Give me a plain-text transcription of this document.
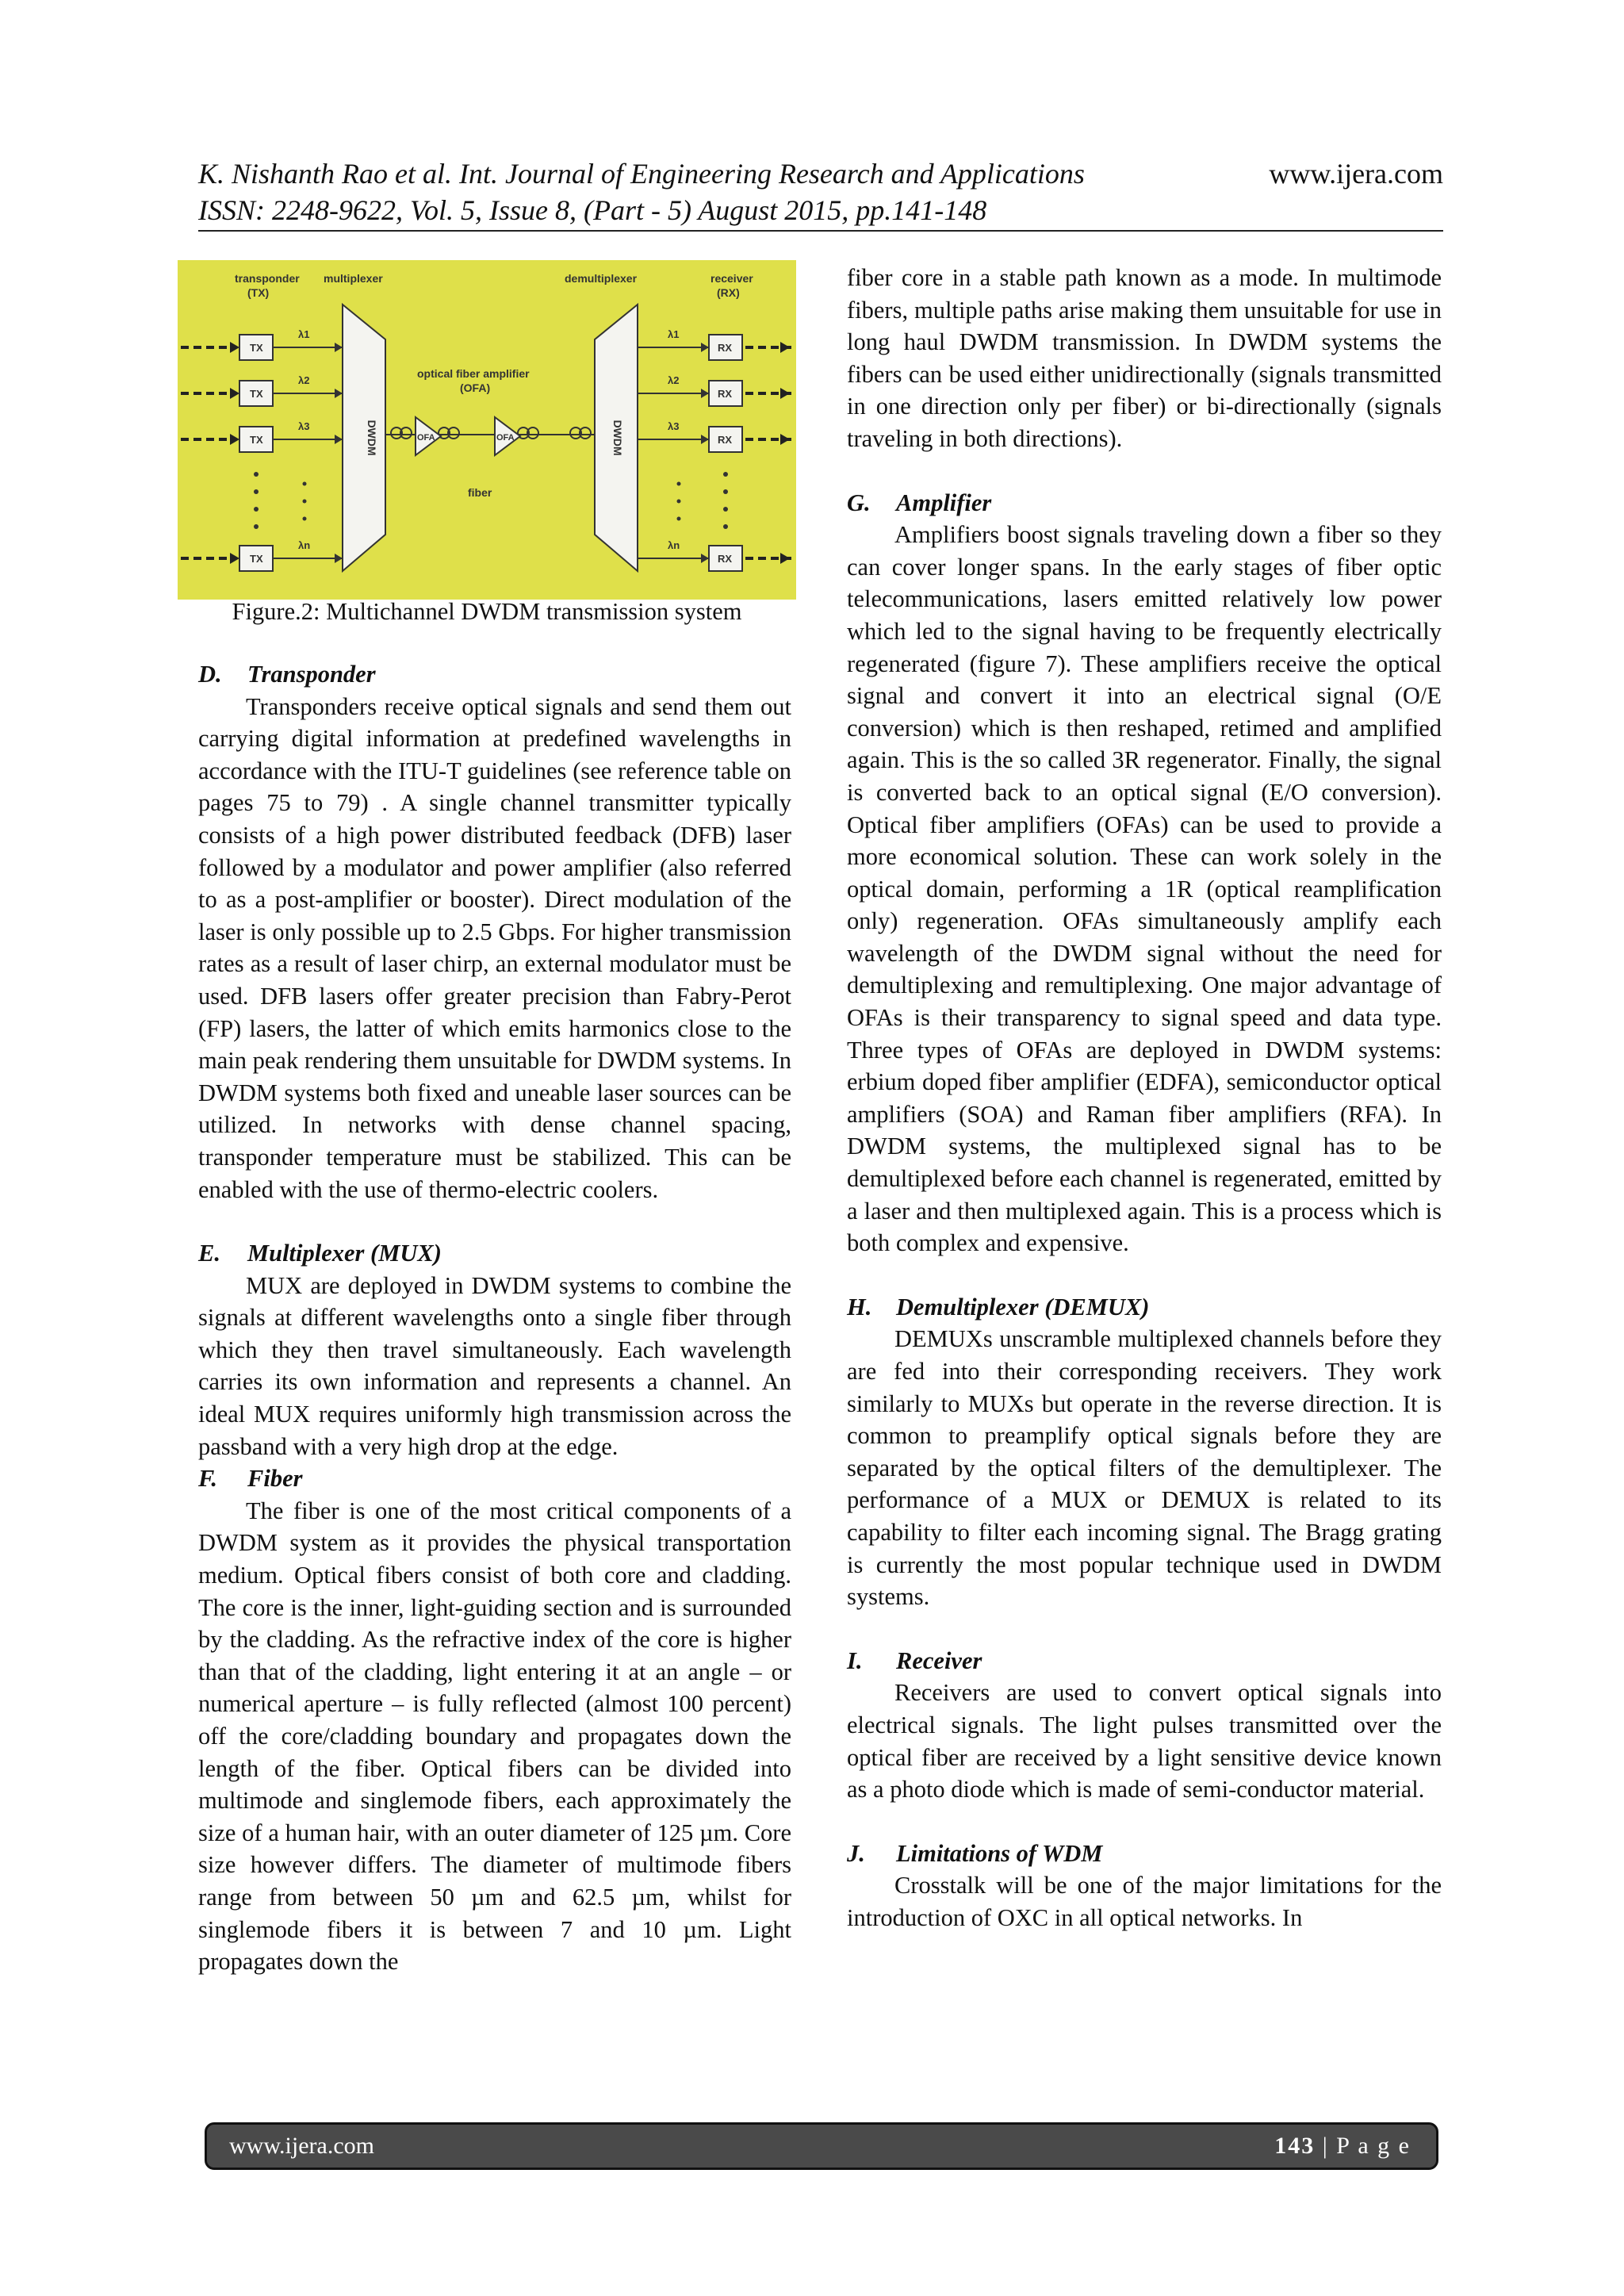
K. Nishanth Rao et al. Int. Journal of Engineering Research and Applications	www.ijera.com
ISSN: 2248-9622, Vol. 5, Issue 8, (Part - 5) August 2015, pp.141-148
transponder
(TX)
multiplexer	demultiplexer	receiver
(RX)
optical fiber amplifier
(OFA)
fiber
TX
TX
TX
TX
λ1
λ2
λ3
λn
λ1
λ2
λ3
λn
DWDM	DWDM
OFA	OFA
RX
RX
RX
RX
Figure.2: Multichannel DWDM transmission system
D. Transponder

Transponders receive optical signals and send them out carrying digital information at predefined wavelengths in accordance with the ITU-T guidelines (see reference table on pages 75 to 79) . A single channel transmitter typically consists of a high power distributed feedback (DFB) laser followed by a modulator and power amplifier (also referred to as a post-amplifier or booster). Direct modulation of the laser is only possible up to 2.5 Gbps. For higher transmission rates as a result of laser chirp, an external modulator must be used. DFB lasers offer greater precision than Fabry-Perot (FP) lasers, the latter of which emits harmonics close to the main peak rendering them unsuitable for DWDM systems. In DWDM systems both fixed and uneable laser sources can be utilized. In networks with dense channel spacing, transponder temperature must be stabilized. This can be enabled with the use of thermo-electric coolers.

E. Multiplexer (MUX)

MUX are deployed in DWDM systems to combine the signals at different wavelengths onto a single fiber through which they then travel simultaneously. Each wavelength carries its own information and represents a channel. An ideal MUX requires uniformly high transmission across the passband with a very high drop at the edge.

F. Fiber

The fiber is one of the most critical components of a DWDM system as it provides the physical transportation medium. Optical fibers consist of both core and cladding. The core is the inner, light-guiding section and is surrounded by the cladding. As the refractive index of the core is higher than that of the cladding, light entering it at an angle – or numerical aperture – is fully reflected (almost 100 percent) off the core/cladding boundary and propagates down the length of the fiber. Optical fibers can be divided into multimode and singlemode fibers, each approximately the size of a human hair, with an outer diameter of 125 µm. Core size however differs. The diameter of multimode fibers range from between 50 µm and 62.5 µm, whilst for singlemode fibers it is between 7 and 10 µm. Light propagates down the

fiber core in a stable path known as a mode. In multimode fibers, multiple paths arise making them unsuitable for use in long haul DWDM transmission. In DWDM systems the fibers can be used either unidirectionally (signals transmitted in one direction only per fiber) or bi-directionally (signals traveling in both directions).

G. Amplifier

Amplifiers boost signals traveling down a fiber so they can cover longer spans. In the early stages of fiber optic telecommunications, lasers emitted relatively low power which led to the signal having to be frequently electrically regenerated (figure 7). These amplifiers receive the optical signal and convert it into an electrical signal (O/E conversion) which is then reshaped, retimed and amplified again. This is the so called 3R regenerator. Finally, the signal is converted back to an optical signal (E/O conversion). Optical fiber amplifiers (OFAs) can be used to provide a more economical solution. These can work solely in the optical domain, performing a 1R (optical reamplification only) regeneration. OFAs simultaneously amplify each wavelength of the DWDM signal without the need for demultiplexing and remultiplexing. One major advantage of OFAs is their transparency to signal speed and data type. Three types of OFAs are deployed in DWDM systems: erbium doped fiber amplifier (EDFA), semiconductor optical amplifiers (SOA) and Raman fiber amplifiers (RFA). In DWDM systems, the multiplexed signal has to be demultiplexed before each channel is regenerated, emitted by a laser and then multiplexed again. This is a process which is both complex and expensive.

H. Demultiplexer (DEMUX)

DEMUXs unscramble multiplexed channels before they are fed into their corresponding receivers. They work similarly to MUXs but operate in the reverse direction. It is common to preamplify optical signals before they are separated by the optical filters of the demultiplexer. The performance of a MUX or DEMUX is related to its capability to filter each incoming signal. The Bragg grating is currently the most popular technique used in DWDM systems.

I. Receiver

Receivers are used to convert optical signals into electrical signals. The light pulses transmitted over the optical fiber are received by a light sensitive device known as a photo diode which is made of semi-conductor material.

J. Limitations of WDM

Crosstalk will be one of the major limitations for the introduction of OXC in all optical networks. In

www.ijera.com	143 | P a g e
